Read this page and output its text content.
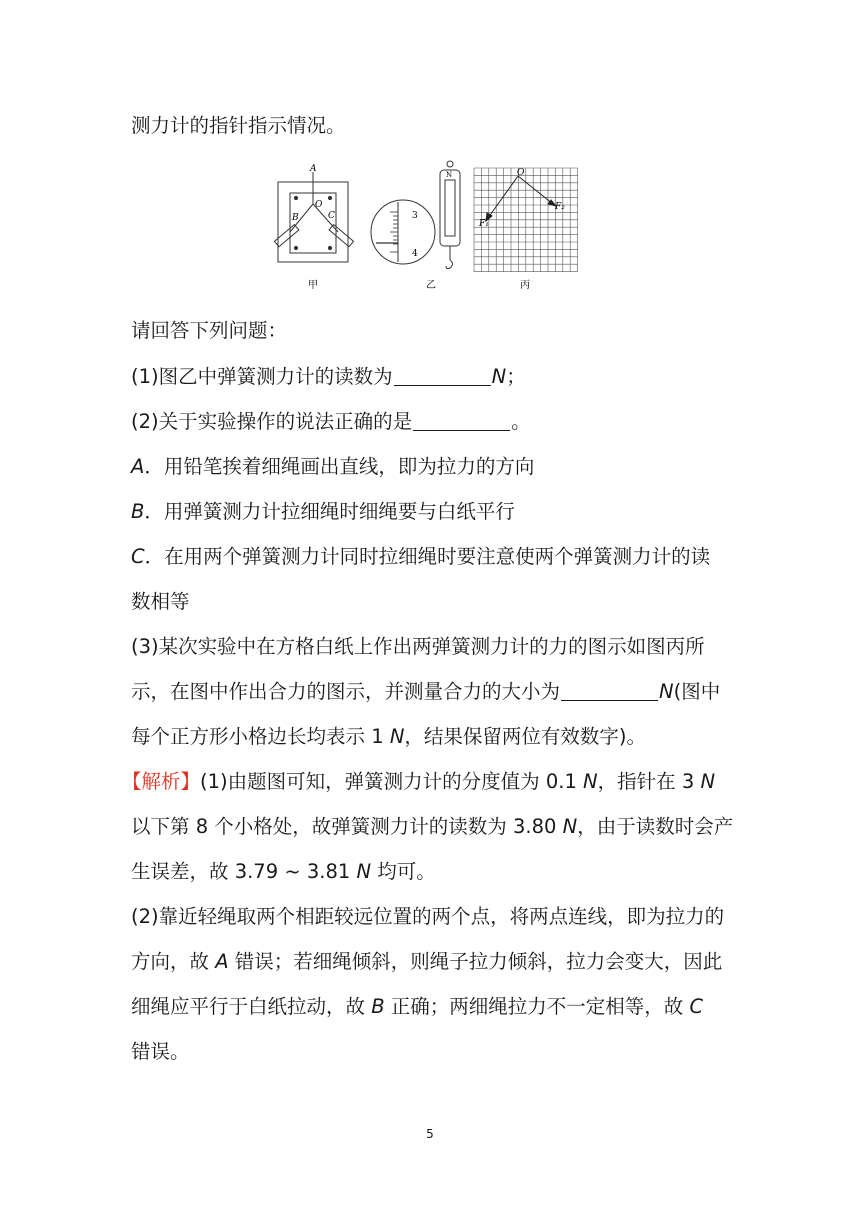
测力计的指针指示情况。
A
O
B	C
甲
3
4
N
乙
O
F₁
F₂
丙
请回答下列问题：
(1)图乙中弹簧测力计的读数为	N；
(2)关于实验操作的说法正确的是	。
A．用铅笔挨着细绳画出直线，即为拉力的方向
B．用弹簧测力计拉细绳时细绳要与白纸平行
C．在用两个弹簧测力计同时拉细绳时要注意使两个弹簧测力计的读
数相等
(3)某次实验中在方格白纸上作出两弹簧测力计的力的图示如图丙所
示，在图中作出合力的图示，并测量合力的大小为	N(图中
每个正方形小格边长均表示 1 N，结果保留两位有效数字)。
【解析】(1)由题图可知，弹簧测力计的分度值为 0.1 N，指针在 3 N
以下第 8 个小格处，故弹簧测力计的读数为 3.80 N，由于读数时会产
生误差，故 3.79 ~ 3.81 N 均可。
(2)靠近轻绳取两个相距较远位置的两个点，将两点连线，即为拉力的
方向，故 A 错误；若细绳倾斜，则绳子拉力倾斜，拉力会变大，因此
细绳应平行于白纸拉动，故 B 正确；两细绳拉力不一定相等，故 C
错误。
5
